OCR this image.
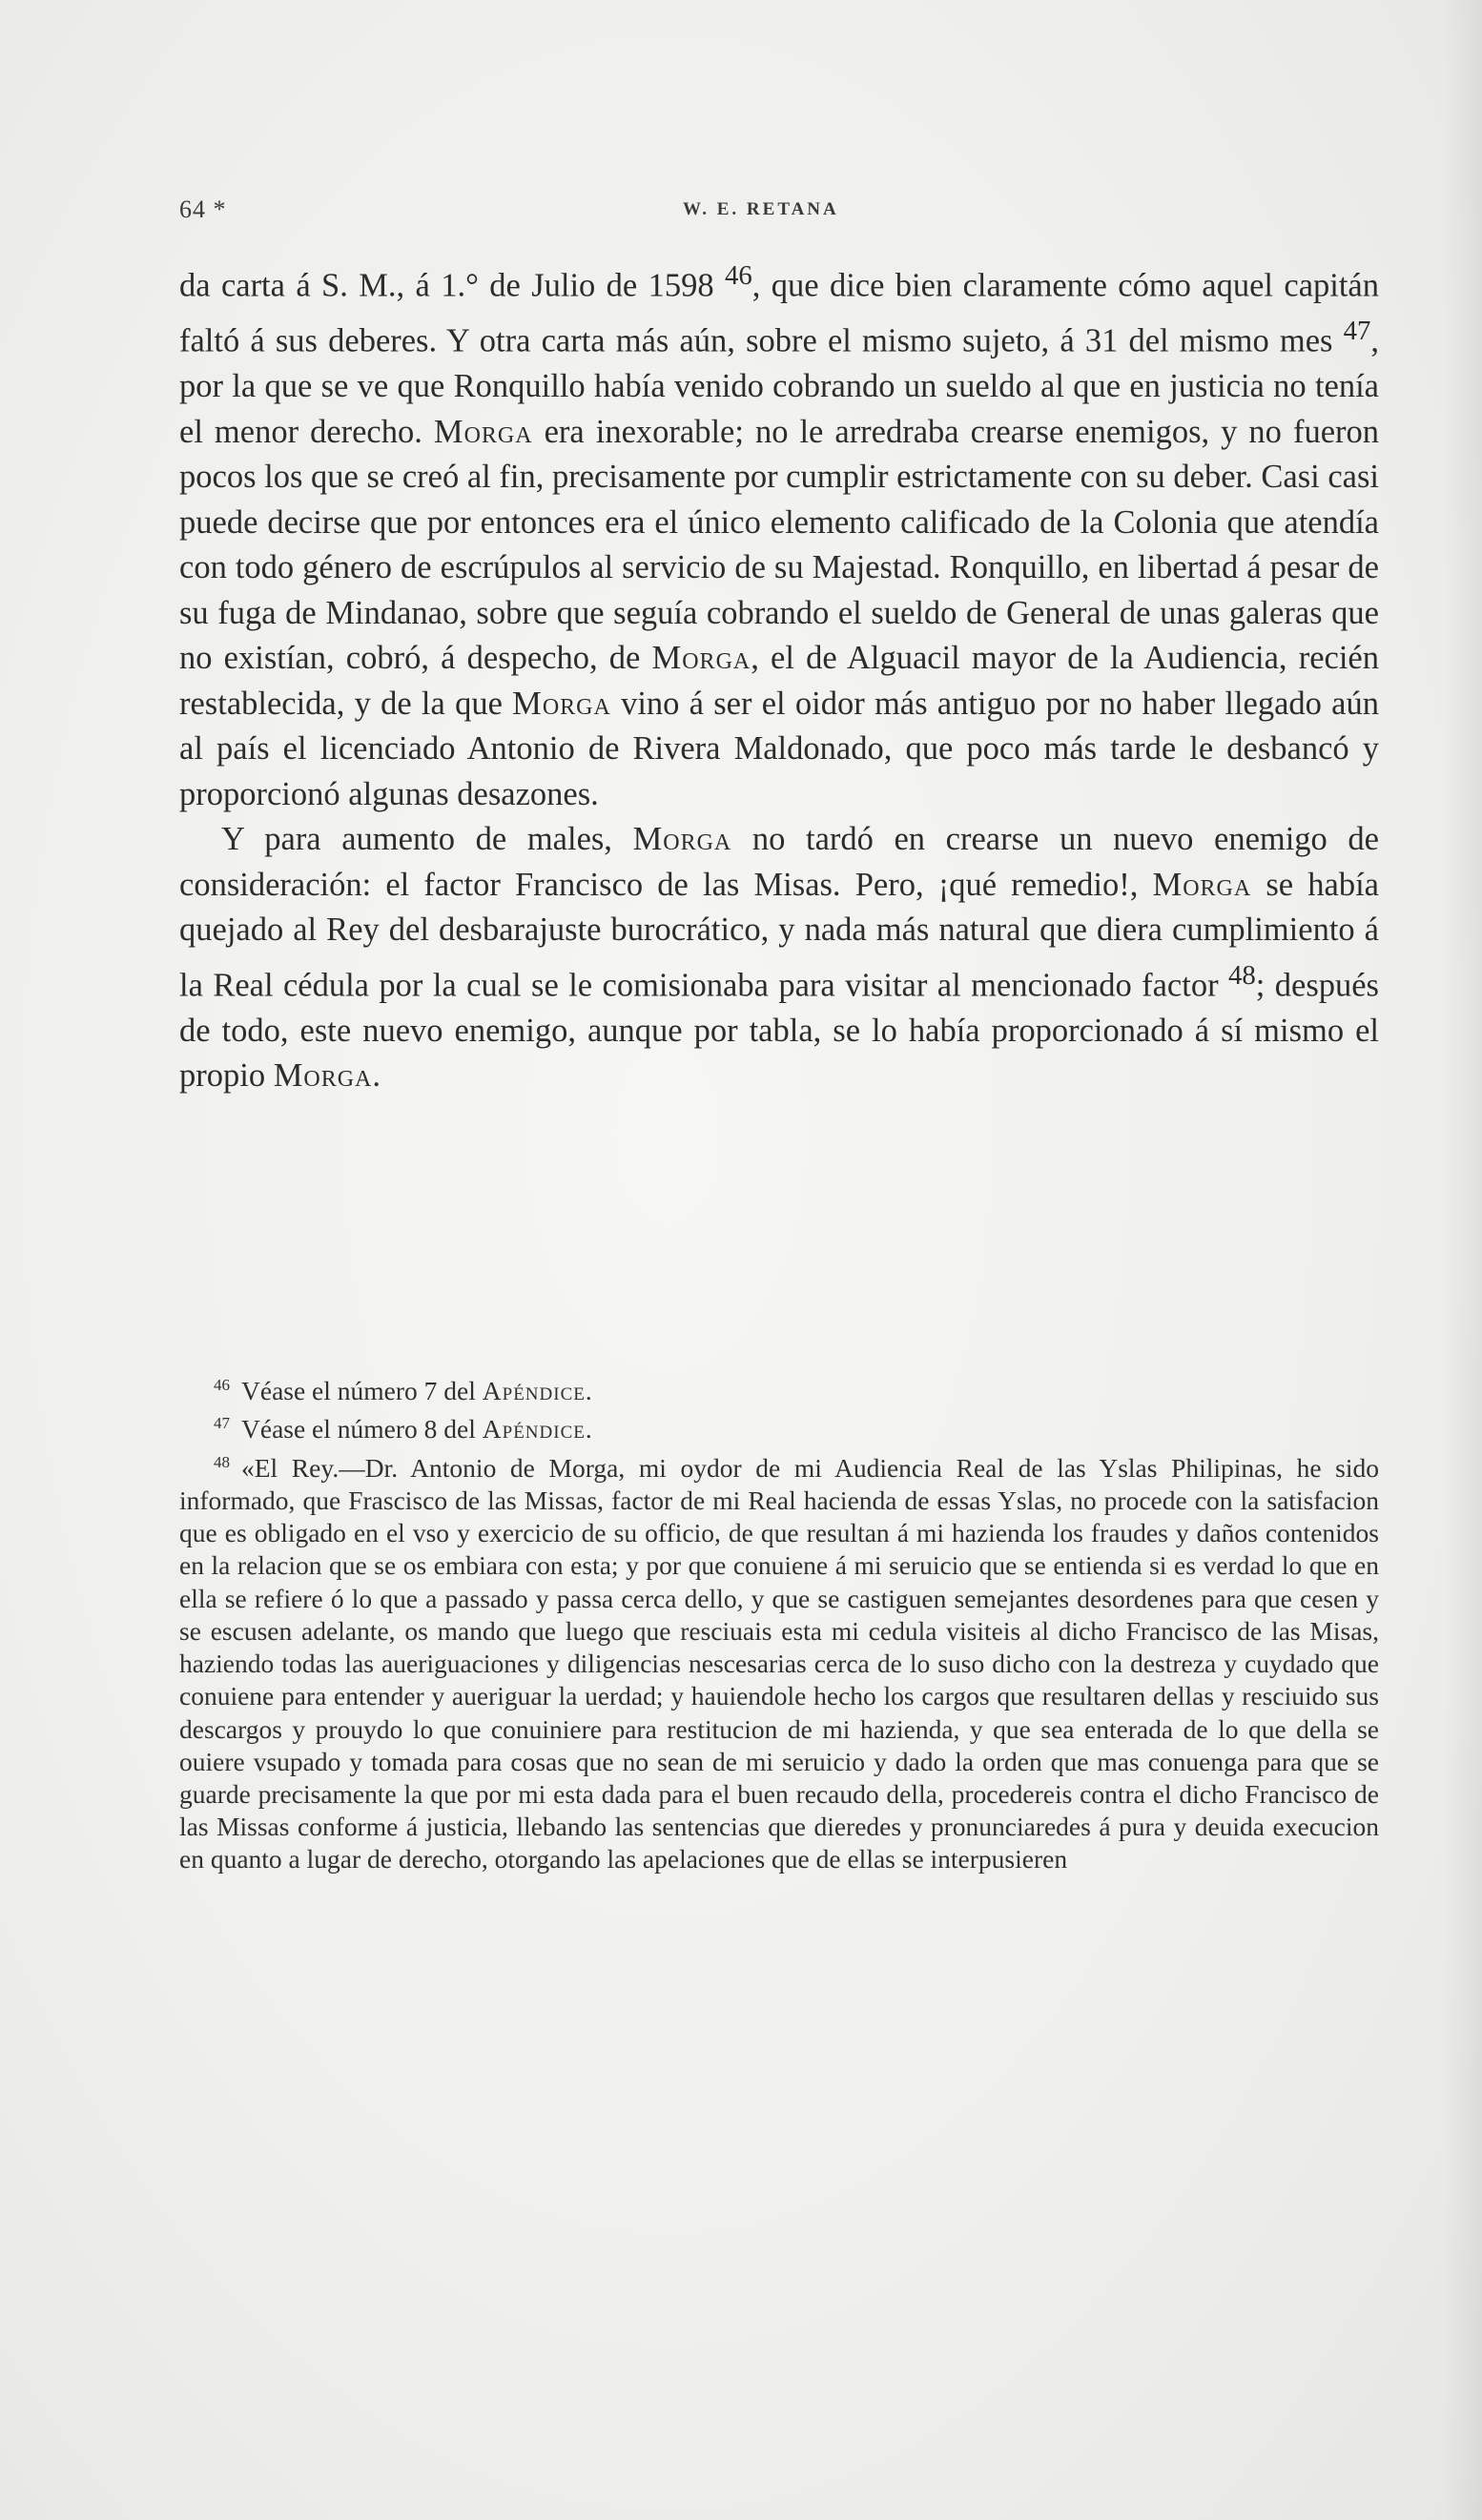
64 *	W. E. RETANA

da carta á S. M., á 1.° de Julio de 1598 $^{46}$, que dice bien claramente cómo aquel capitán faltó á sus deberes. Y otra carta más aún, sobre el mismo sujeto, á 31 del mismo mes $^{47}$, por la que se ve que Ronquillo había venido cobrando un sueldo al que en justicia no tenía el menor derecho. Morga era inexorable; no le arredraba crearse enemigos, y no fueron pocos los que se creó al fin, precisamente por cumplir estrictamente con su deber. Casi casi puede decirse que por entonces era el único elemento calificado de la Colonia que atendía con todo género de escrúpulos al servicio de su Majestad. Ronquillo, en libertad á pesar de su fuga de Mindanao, sobre que seguía cobrando el sueldo de General de unas galeras que no existían, cobró, á despecho, de Morga, el de Alguacil mayor de la Audiencia, recién restablecida, y de la que Morga vino á ser el oidor más antiguo por no haber llegado aún al país el licenciado Antonio de Rivera Maldonado, que poco más tarde le desbancó y proporcionó algunas desazones.

Y para aumento de males, Morga no tardó en crearse un nuevo enemigo de consideración: el factor Francisco de las Misas. Pero, ¡qué remedio!, Morga se había quejado al Rey del desbarajuste burocrático, y nada más natural que diera cumplimiento á la Real cédula por la cual se le comisionaba para visitar al mencionado factor $^{48}$; después de todo, este nuevo enemigo, aunque por tabla, se lo había proporcionado á sí mismo el propio Morga.

$^{46}$ Véase el número 7 del Apéndice.

$^{47}$ Véase el número 8 del Apéndice.

$^{48}$ «El Rey.—Dr. Antonio de Morga, mi oydor de mi Audiencia Real de las Yslas Philipinas, he sido informado, que Frascisco de las Missas, factor de mi Real hacienda de essas Yslas, no procede con la satisfacion que es obligado en el vso y exercicio de su officio, de que resultan á mi hazienda los fraudes y daños contenidos en la relacion que se os embiara con esta; y por que conuiene á mi seruicio que se entienda si es verdad lo que en ella se refiere ó lo que a passado y passa cerca dello, y que se castiguen semejantes desordenes para que cesen y se escusen adelante, os mando que luego que resciuais esta mi cedula visiteis al dicho Francisco de las Misas, haziendo todas las aueriguaciones y diligencias nescesarias cerca de lo suso dicho con la destreza y cuydado que conuiene para entender y aueriguar la uerdad; y hauiendole hecho los cargos que resultaren dellas y resciuido sus descargos y prouydo lo que conuiniere para restitucion de mi hazienda, y que sea enterada de lo que della se ouiere vsupado y tomada para cosas que no sean de mi seruicio y dado la orden que mas conuenga para que se guarde precisamente la que por mi esta dada para el buen recaudo della, procedereis contra el dicho Francisco de las Missas conforme á justicia, llebando las sentencias que dieredes y pronunciaredes á pura y deuida execucion en quanto a lugar de derecho, otorgando las apelaciones que de ellas se interpusieren
